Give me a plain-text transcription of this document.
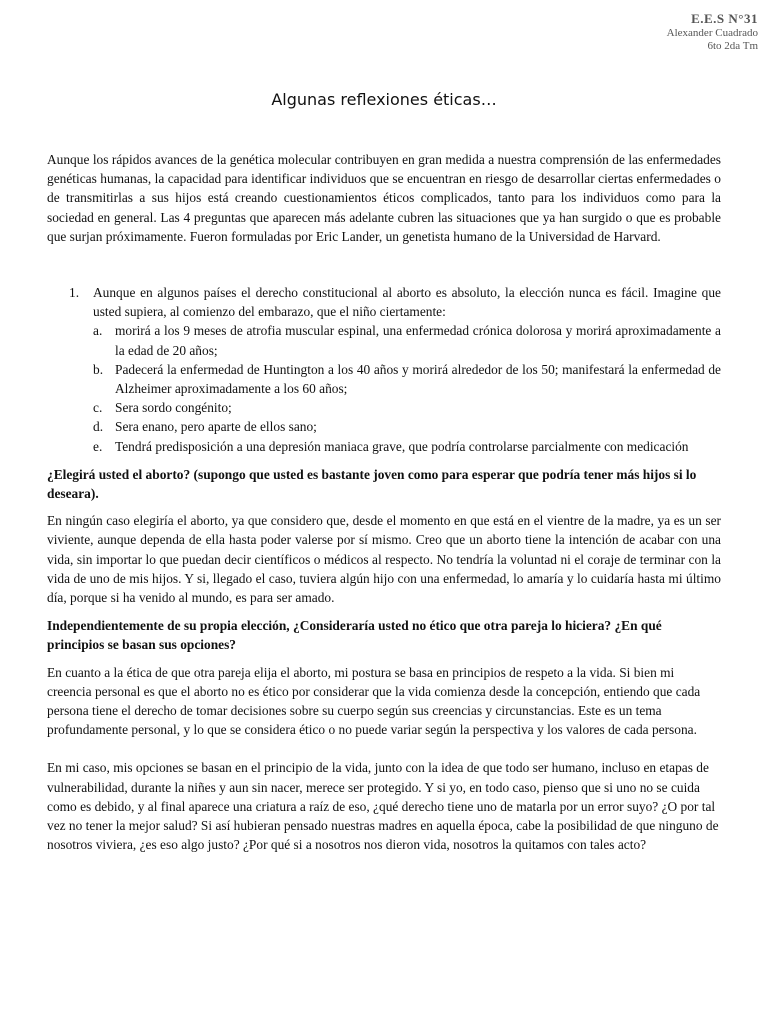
E.E.S N°31
Alexander Cuadrado
6to 2da Tm
Algunas reflexiones éticas…

Aunque los rápidos avances de la genética molecular contribuyen en gran medida a nuestra comprensión de las enfermedades genéticas humanas, la capacidad para identificar individuos que se encuentran en riesgo de desarrollar ciertas enfermedades o de transmitirlas a sus hijos está creando cuestionamientos éticos complicados, tanto para los individuos como para la sociedad en general. Las 4 preguntas que aparecen más adelante cubren las situaciones que ya han surgido o que es probable que surjan próximamente. Fueron formuladas por Eric Lander, un genetista humano de la Universidad de Harvard.

1. Aunque en algunos países el derecho constitucional al aborto es absoluto, la elección nunca es fácil. Imagine que usted supiera, al comienzo del embarazo, que el niño ciertamente:
a. morirá a los 9 meses de atrofia muscular espinal, una enfermedad crónica dolorosa y morirá aproximadamente a la edad de 20 años;
b. Padecerá la enfermedad de Huntington a los 40 años y morirá alrededor de los 50; manifestará la enfermedad de Alzheimer aproximadamente a los 60 años;
c. Sera sordo congénito;
d. Sera enano, pero aparte de ellos sano;
e. Tendrá predisposición a una depresión maniaca grave, que podría controlarse parcialmente con medicación

¿Elegirá usted el aborto? (supongo que usted es bastante joven como para esperar que podría tener más hijos si lo deseara).

En ningún caso elegiría el aborto, ya que considero que, desde el momento en que está en el vientre de la madre, ya es un ser viviente, aunque dependa de ella hasta poder valerse por sí mismo. Creo que un aborto tiene la intención de acabar con una vida, sin importar lo que puedan decir científicos o médicos al respecto. No tendría la voluntad ni el coraje de terminar con la vida de uno de mis hijos. Y si, llegado el caso, tuviera algún hijo con una enfermedad, lo amaría y lo cuidaría hasta mi último día, porque si ha venido al mundo, es para ser amado.

Independientemente de su propia elección, ¿Consideraría usted no ético que otra pareja lo hiciera? ¿En qué principios se basan sus opciones?

En cuanto a la ética de que otra pareja elija el aborto, mi postura se basa en principios de respeto a la vida. Si bien mi creencia personal es que el aborto no es ético por considerar que la vida comienza desde la concepción, entiendo que cada persona tiene el derecho de tomar decisiones sobre su cuerpo según sus creencias y circunstancias. Este es un tema profundamente personal, y lo que se considera ético o no puede variar según la perspectiva y los valores de cada persona.

En mi caso, mis opciones se basan en el principio de la vida, junto con la idea de que todo ser humano, incluso en etapas de vulnerabilidad, durante la niñes y aun sin nacer, merece ser protegido. Y si yo, en todo caso, pienso que si uno no se cuida como es debido, y al final aparece una criatura a raíz de eso, ¿qué derecho tiene uno de matarla por un error suyo? ¿O por tal vez no tener la mejor salud? Si así hubieran pensado nuestras madres en aquella época, cabe la posibilidad de que ninguno de nosotros viviera, ¿es eso algo justo? ¿Por qué si a nosotros nos dieron vida, nosotros la quitamos con tales acto?
